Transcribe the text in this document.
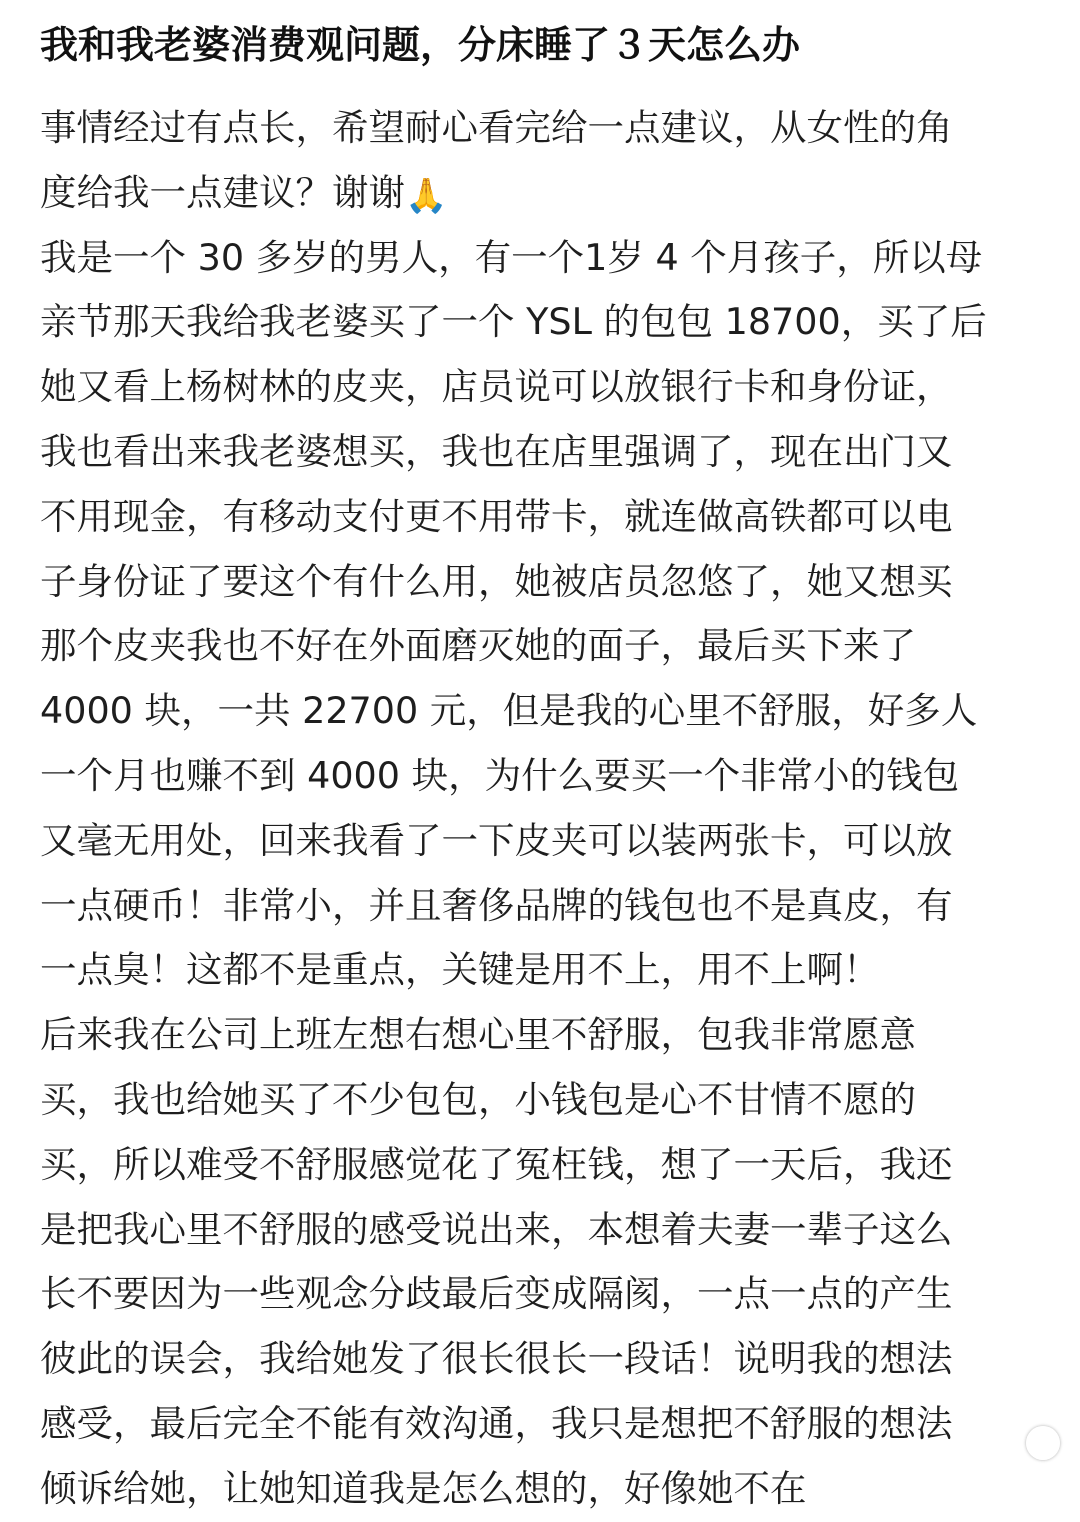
我和我老婆消费观问题，分床睡了３天怎么办
事情经过有点长，希望耐心看完给一点建议，从女性的角
度给我一点建议？谢谢🙏
我是一个 30 多岁的男人，有一个1岁 4 个月孩子，所以母
亲节那天我给我老婆买了一个 YSL 的包包 18700，买了后
她又看上杨树林的皮夹，店员说可以放银行卡和身份证，
我也看出来我老婆想买，我也在店里强调了，现在出门又
不用现金，有移动支付更不用带卡，就连做高铁都可以电
子身份证了要这个有什么用，她被店员忽悠了，她又想买
那个皮夹我也不好在外面磨灭她的面子，最后买下来了
4000 块，一共 22700 元，但是我的心里不舒服，好多人
一个月也赚不到 4000 块，为什么要买一个非常小的钱包
又毫无用处，回来我看了一下皮夹可以装两张卡，可以放
一点硬币！非常小，并且奢侈品牌的钱包也不是真皮，有
一点臭！这都不是重点，关键是用不上，用不上啊！
后来我在公司上班左想右想心里不舒服，包我非常愿意
买，我也给她买了不少包包，小钱包是心不甘情不愿的
买，所以难受不舒服感觉花了冤枉钱，想了一天后，我还
是把我心里不舒服的感受说出来，本想着夫妻一辈子这么
长不要因为一些观念分歧最后变成隔阂，一点一点的产生
彼此的误会，我给她发了很长很长一段话！说明我的想法
感受，最后完全不能有效沟通，我只是想把不舒服的想法
倾诉给她，让她知道我是怎么想的，好像她不在
